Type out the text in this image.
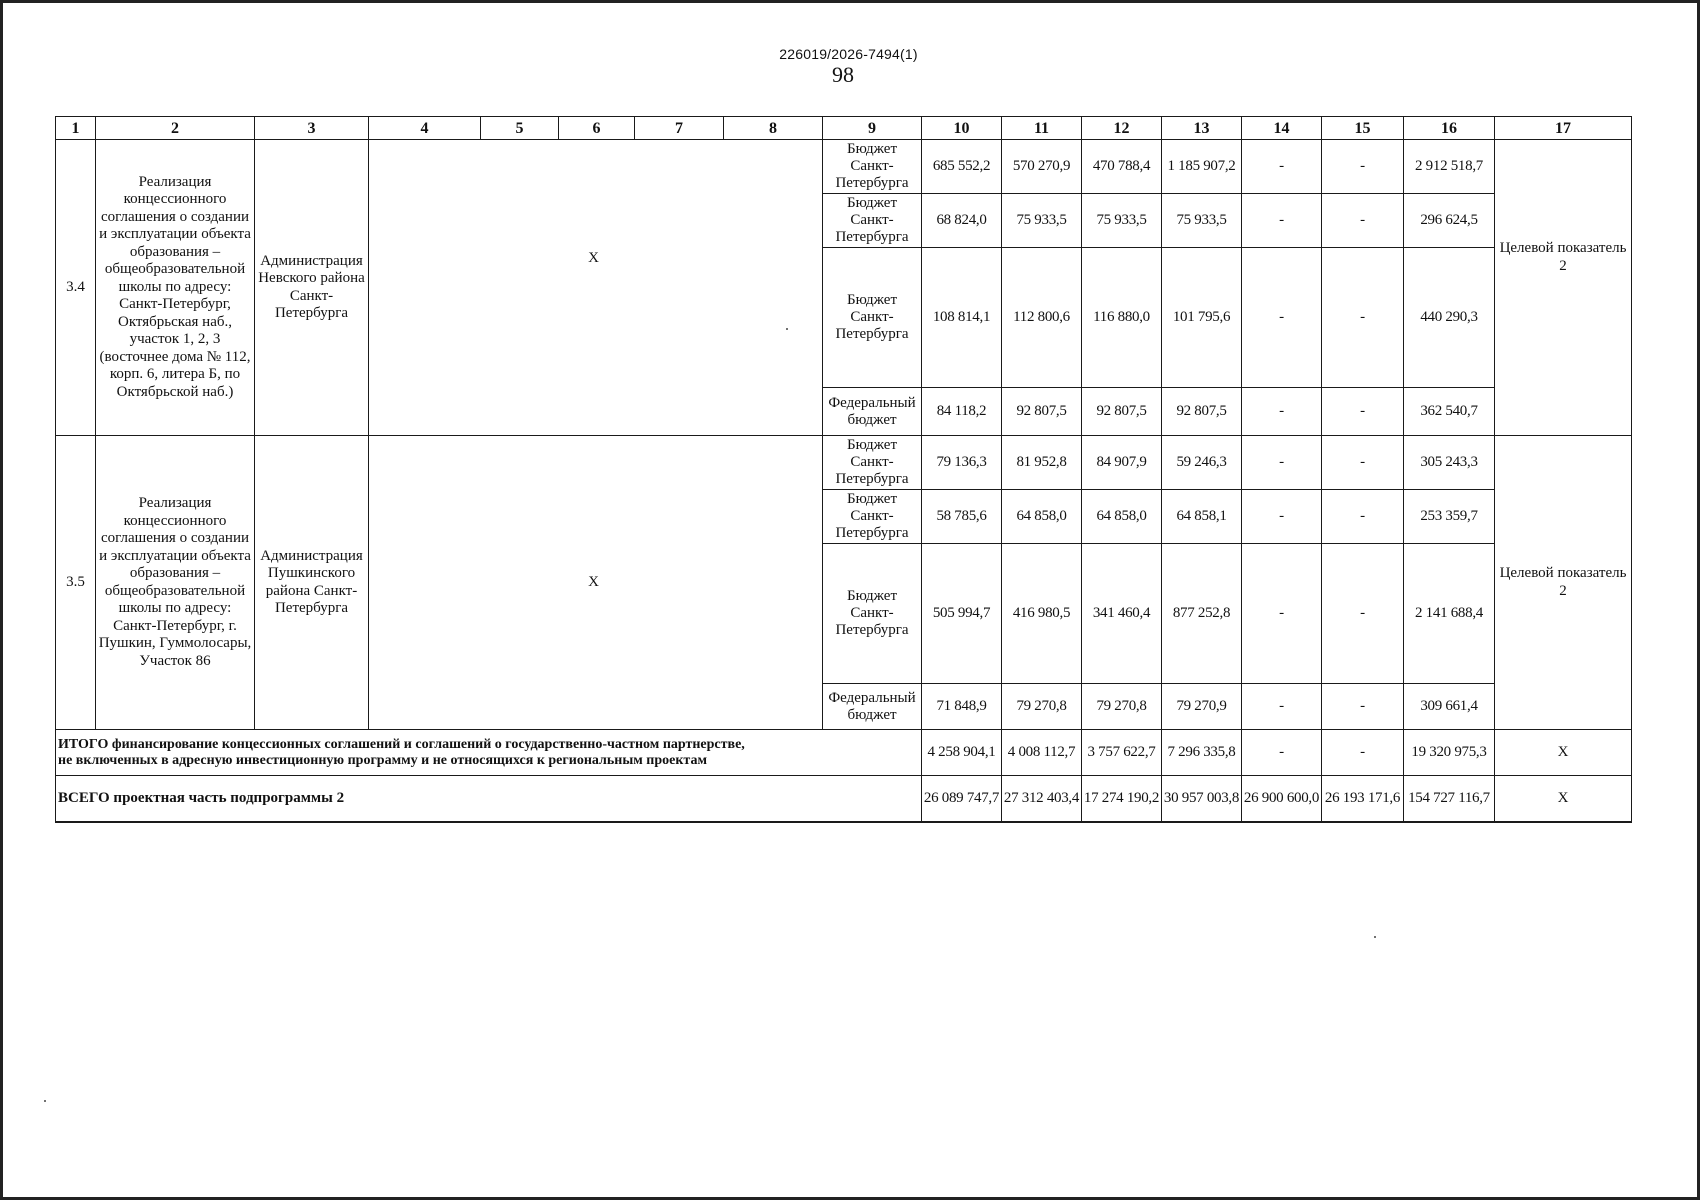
226019/2026-7494(1)
98
1	2	3	4	5	6	7	8	9	10	11	12	13	14	15	16	17
3.4	Реализация концессионного соглашения о создании и эксплуатации объекта образования – общеобразовательной школы по адресу: Санкт-Петербург, Октябрьская наб., участок 1, 2, 3 (восточнее дома № 112, корп. 6, литера Б, по Октябрьской наб.)	Администрация Невского района Санкт-Петербурга	X					Бюджет Санкт-Петербурга	685 552,2	570 270,9	470 788,4	1 185 907,2	-	-	2 912 518,7	Целевой показатель 2

								Бюджет Санкт-Петербурга	68 824,0	75 933,5	75 933,5	75 933,5	-	-	296 624,5	
								Бюджет Санкт-Петербурга	108 814,1	112 800,6	116 880,0	101 795,6	-	-	440 290,3	
								Федеральный бюджет	84 118,2	92 807,5	92 807,5	92 807,5	-	-	362 540,7	
3.5	Реализация концессионного соглашения о создании и эксплуатации объекта образования – общеобразовательной школы по адресу: Санкт-Петербург, г. Пушкин, Гуммолосары, Участок 86	Администрация Пушкинского района Санкт-Петербурга	X					Бюджет Санкт-Петербурга	79 136,3	81 952,8	84 907,9	59 246,3	-	-	305 243,3	Целевой показатель 2
								Бюджет Санкт-Петербурга	58 785,6	64 858,0	64 858,0	64 858,1	-	-	253 359,7	
								Бюджет Санкт-Петербурга	505 994,7	416 980,5	341 460,4	877 252,8	-	-	2 141 688,4	
								Федеральный бюджет	71 848,9	79 270,8	79 270,8	79 270,9	-	-	309 661,4	

ИТОГО финансирование концессионных соглашений и соглашений о государственно-частном партнерстве,
не включенных в адресную инвестиционную программу и не относящихся к региональным проектам									4 258 904,1	4 008 112,7	3 757 622,7	7 296 335,8	-	-	19 320 975,3	X
ВСЕГО проектная часть подпрограммы 2									26 089 747,7	27 312 403,4	17 274 190,2	30 957 003,8	26 900 600,0	26 193 171,6	154 727 116,7	X
